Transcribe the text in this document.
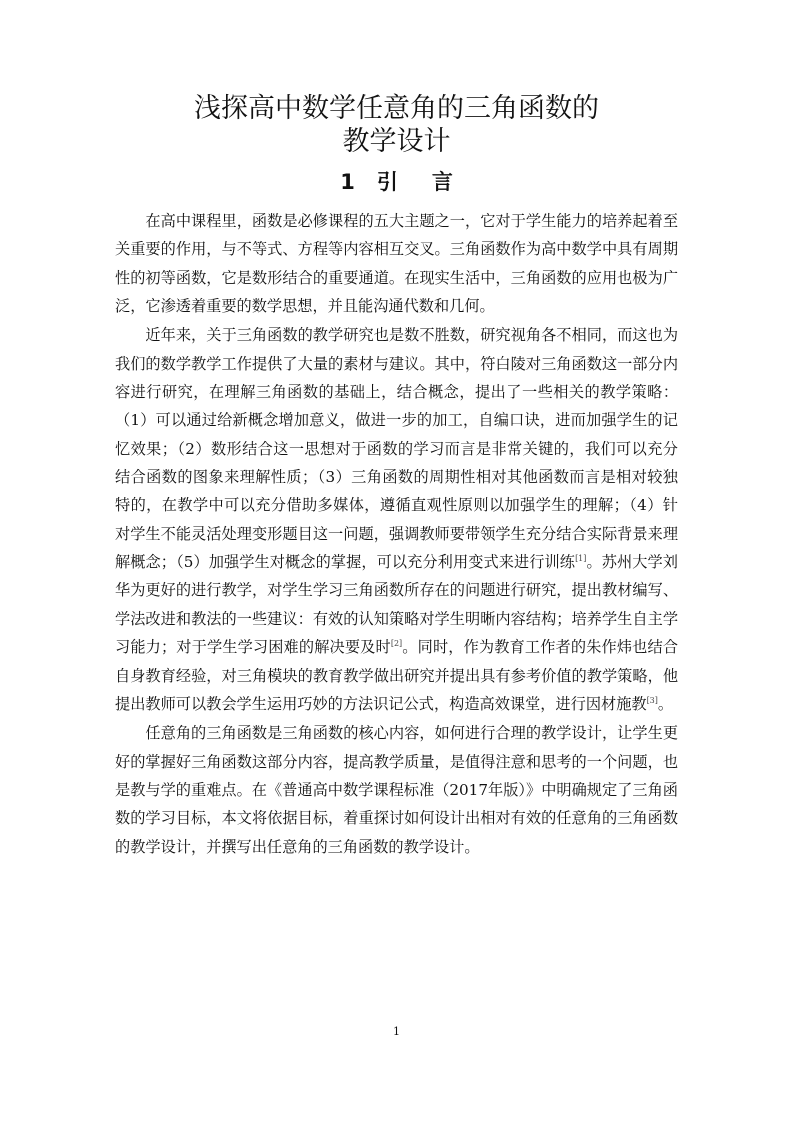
浅探高中数学任意角的三角函数的
教学设计
1 引 言

在高中课程里，函数是必修课程的五大主题之一，它对于学生能力的培养起着至关重要的作用，与不等式、方程等内容相互交叉。三角函数作为高中数学中具有周期性的初等函数，它是数形结合的重要通道。在现实生活中，三角函数的应用也极为广泛，它渗透着重要的数学思想，并且能沟通代数和几何。

近年来，关于三角函数的教学研究也是数不胜数，研究视角各不相同，而这也为我们的数学教学工作提供了大量的素材与建议。其中，符白陵对三角函数这一部分内容进行研究，在理解三角函数的基础上，结合概念，提出了一些相关的教学策略：（1）可以通过给新概念增加意义，做进一步的加工，自编口诀，进而加强学生的记忆效果；（2）数形结合这一思想对于函数的学习而言是非常关键的，我们可以充分结合函数的图象来理解性质；（3）三角函数的周期性相对其他函数而言是相对较独特的，在教学中可以充分借助多媒体，遵循直观性原则以加强学生的理解；（4）针对学生不能灵活处理变形题目这一问题，强调教师要带领学生充分结合实际背景来理解概念；（5）加强学生对概念的掌握，可以充分利用变式来进行训练[1]。苏州大学刘华为更好的进行教学，对学生学习三角函数所存在的问题进行研究，提出教材编写、学法改进和教法的一些建议：有效的认知策略对学生明晰内容结构；培养学生自主学习能力；对于学生学习困难的解决要及时[2]。同时，作为教育工作者的朱作炜也结合自身教育经验，对三角模块的教育教学做出研究并提出具有参考价值的教学策略，他提出教师可以教会学生运用巧妙的方法识记公式，构造高效课堂，进行因材施教[3]。

任意角的三角函数是三角函数的核心内容，如何进行合理的教学设计，让学生更好的掌握好三角函数这部分内容，提高教学质量，是值得注意和思考的一个问题，也是教与学的重难点。在《普通高中数学课程标准（2017年版）》中明确规定了三角函数的学习目标，本文将依据目标，着重探讨如何设计出相对有效的任意角的三角函数的教学设计，并撰写出任意角的三角函数的教学设计。

1
